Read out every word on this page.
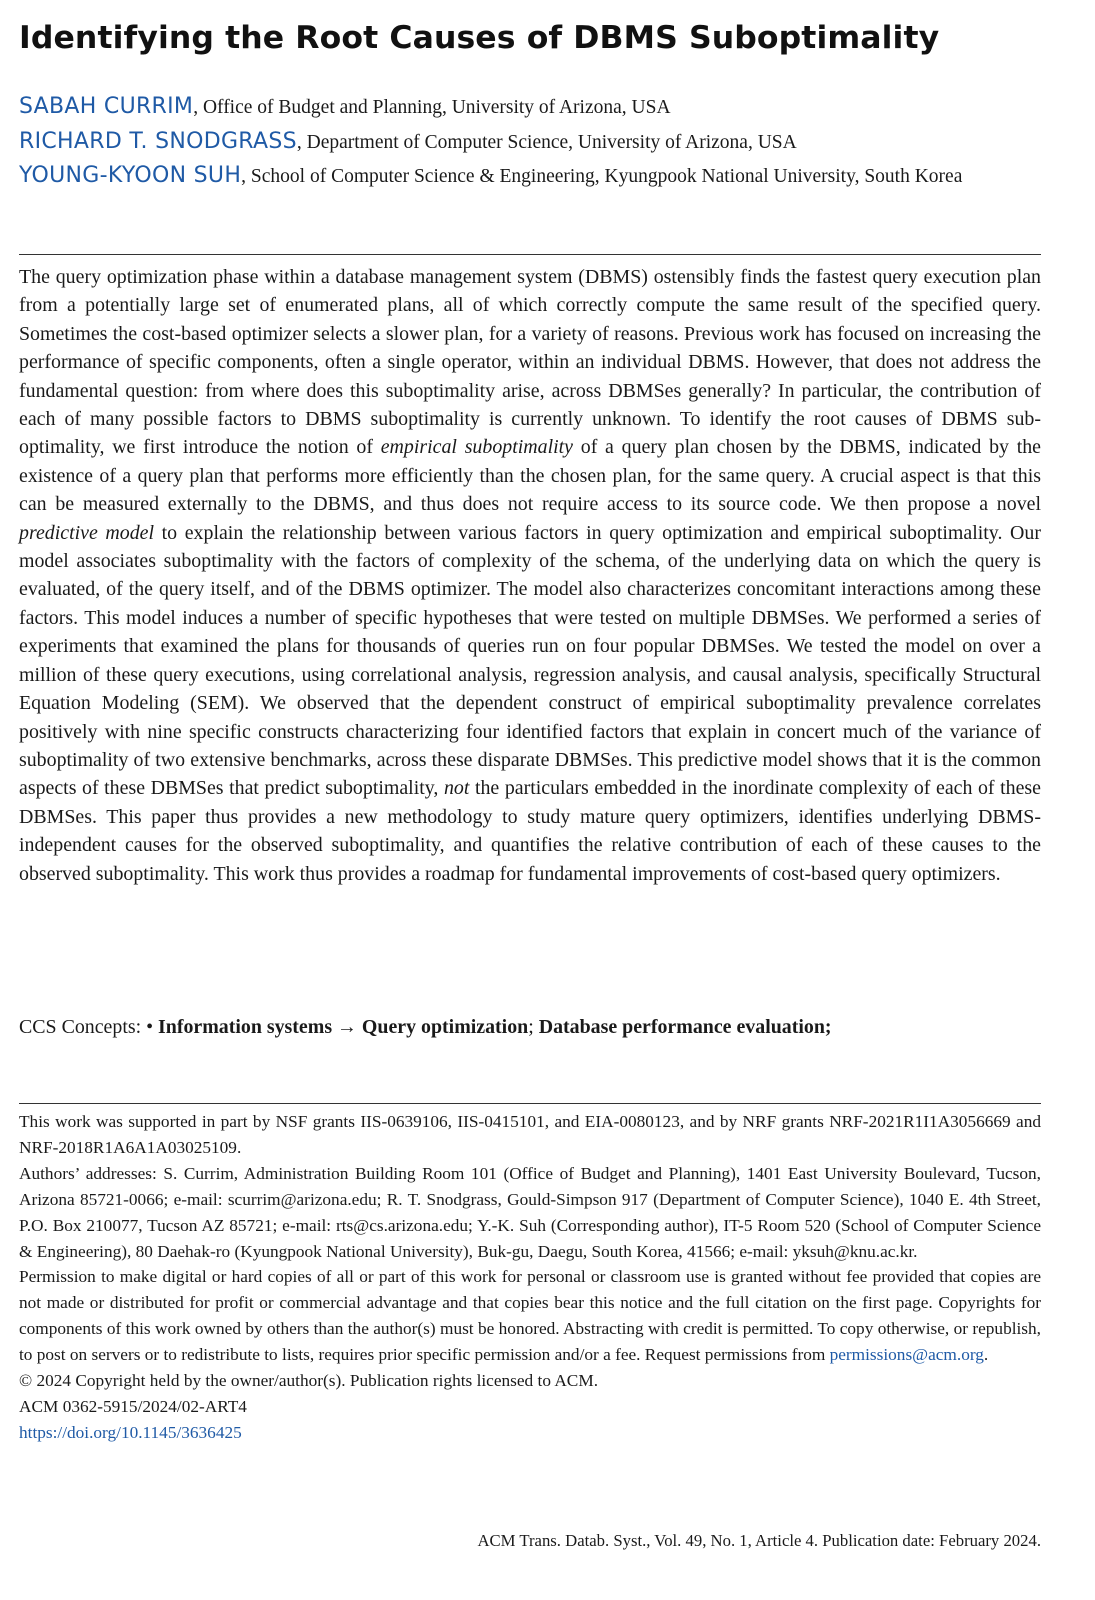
Identifying the Root Causes of DBMS Suboptimality
SABAH CURRIM, Office of Budget and Planning, University of Arizona, USA
RICHARD T. SNODGRASS, Department of Computer Science, University of Arizona, USA
YOUNG-KYOON SUH, School of Computer Science & Engineering, Kyungpook National University, South Korea

The query optimization phase within a database management system (DBMS) ostensibly finds the fastest query execution plan from a potentially large set of enumerated plans, all of which correctly compute the same result of the specified query. Sometimes the cost-based optimizer selects a slower plan, for a variety of reasons. Previous work has focused on increasing the performance of specific components, often a single operator, within an individual DBMS. However, that does not address the fundamental question: from where does this suboptimality arise, across DBMSes generally? In particular, the contribution of each of many possible factors to DBMS suboptimality is currently unknown. To identify the root causes of DBMS sub-optimality, we first introduce the notion of empirical suboptimality of a query plan chosen by the DBMS, indicated by the existence of a query plan that performs more efficiently than the chosen plan, for the same query. A crucial aspect is that this can be measured externally to the DBMS, and thus does not require access to its source code. We then propose a novel predictive model to explain the relationship between various factors in query optimization and empirical suboptimality. Our model associates suboptimality with the factors of complexity of the schema, of the underlying data on which the query is evaluated, of the query itself, and of the DBMS optimizer. The model also characterizes concomitant interactions among these factors. This model induces a number of specific hypotheses that were tested on multiple DBMSes. We performed a series of experiments that examined the plans for thousands of queries run on four popular DBMSes. We tested the model on over a million of these query executions, using correlational analysis, regression analysis, and causal analysis, specifically Structural Equation Modeling (SEM). We observed that the dependent construct of empirical suboptimality prevalence correlates positively with nine specific constructs characterizing four identified factors that explain in concert much of the variance of suboptimality of two extensive benchmarks, across these disparate DBMSes. This predictive model shows that it is the common aspects of these DBMSes that predict suboptimality, not the particulars embedded in the inordinate complexity of each of these DBMSes. This paper thus provides a new methodology to study mature query optimizers, identifies underlying DBMS-independent causes for the observed suboptimality, and quantifies the relative contribution of each of these causes to the observed suboptimality. This work thus provides a roadmap for fundamental improvements of cost-based query optimizers.

CCS Concepts: • Information systems → Query optimization; Database performance evaluation;

This work was supported in part by NSF grants IIS-0639106, IIS-0415101, and EIA-0080123, and by NRF grants NRF-2021R1I1A3056669 and NRF-2018R1A6A1A03025109.

Authors’ addresses: S. Currim, Administration Building Room 101 (Office of Budget and Planning), 1401 East University Boulevard, Tucson, Arizona 85721-0066; e-mail: scurrim@arizona.edu; R. T. Snodgrass, Gould-Simpson 917 (Department of Computer Science), 1040 E. 4th Street, P.O. Box 210077, Tucson AZ 85721; e-mail: rts@cs.arizona.edu; Y.-K. Suh (Corresponding author), IT-5 Room 520 (School of Computer Science & Engineering), 80 Daehak-ro (Kyungpook National University), Buk-gu, Daegu, South Korea, 41566; e-mail: yksuh@knu.ac.kr.

Permission to make digital or hard copies of all or part of this work for personal or classroom use is granted without fee provided that copies are not made or distributed for profit or commercial advantage and that copies bear this notice and the full citation on the first page. Copyrights for components of this work owned by others than the author(s) must be honored. Abstracting with credit is permitted. To copy otherwise, or republish, to post on servers or to redistribute to lists, requires prior specific permission and/or a fee. Request permissions from permissions@acm.org.

© 2024 Copyright held by the owner/author(s). Publication rights licensed to ACM.

ACM 0362-5915/2024/02-ART4

https://doi.org/10.1145/3636425

ACM Trans. Datab. Syst., Vol. 49, No. 1, Article 4. Publication date: February 2024.
